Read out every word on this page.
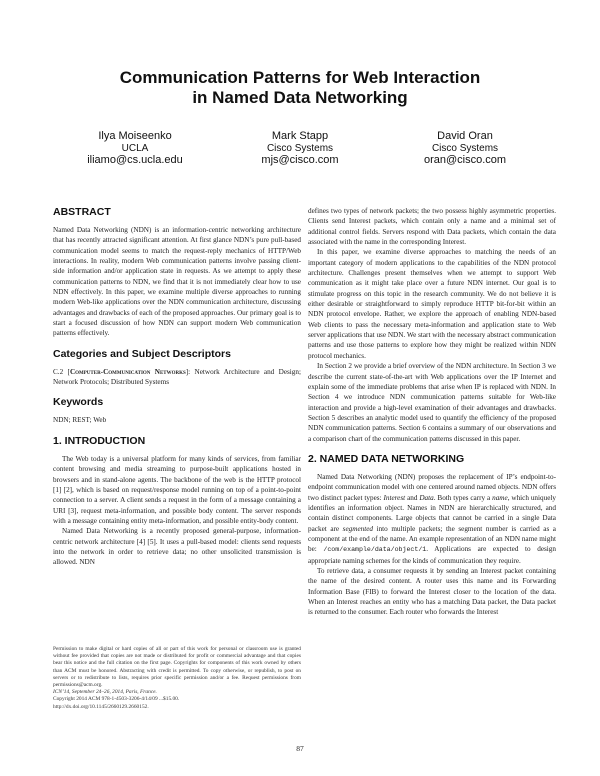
Communication Patterns for Web Interaction
in Named Data Networking
Ilya Moiseenko
UCLA
iliamo@cs.ucla.edu
Mark Stapp
Cisco Systems
mjs@cisco.com
David Oran
Cisco Systems
oran@cisco.com
ABSTRACT

Named Data Networking (NDN) is an information-centric networking architecture that has recently attracted significant attention. At first glance NDN’s pure pull-based communication model seems to match the request-reply mechanics of HTTP/Web interactions. In reality, modern Web communication patterns involve passing client-side information and/or application state in requests. As we attempt to apply these communication patterns to NDN, we find that it is not immediately clear how to use NDN effectively. In this paper, we examine multiple diverse approaches to running modern Web-like applications over the NDN communication architecture, discussing advantages and drawbacks of each of the proposed approaches. Our primary goal is to start a focused discussion of how NDN can support modern Web communication patterns effectively.

Categories and Subject Descriptors

C.2 [Computer-Communication Networks]: Network Architecture and Design; Network Protocols; Distributed Systems

Keywords

NDN; REST; Web

1. INTRODUCTION

The Web today is a universal platform for many kinds of services, from familiar content browsing and media streaming to purpose-built applications hosted in browsers and in stand-alone agents. The backbone of the web is the HTTP protocol [1] [2], which is based on request/response model running on top of a point-to-point connection to a server. A client sends a request in the form of a message containing a URI [3], request meta-information, and possible body content. The server responds with a message containing entity meta-information, and possible entity-body content.

Named Data Networking is a recently proposed general-purpose, information-centric network architecture [4] [5]. It uses a pull-based model: clients send requests into the network in order to retrieve data; no other unsolicited transmission is allowed. NDN

Permission to make digital or hard copies of all or part of this work for personal or classroom use is granted without fee provided that copies are not made or distributed for profit or commercial advantage and that copies bear this notice and the full citation on the first page. Copyrights for components of this work owned by others than ACM must be honored. Abstracting with credit is permitted. To copy otherwise, or republish, to post on servers or to redistribute to lists, requires prior specific permission and/or a fee. Request permissions from permissions@acm.org.
ICN’14, September 24–26, 2014, Paris, France.
Copyright 2014 ACM 978-1-4503-3206-4/14/09 ...$15.00.
http://dx.doi.org/10.1145/2660129.2660152.

defines two types of network packets; the two possess highly asymmetric properties. Clients send Interest packets, which contain only a name and a minimal set of additional control fields. Servers respond with Data packets, which contain the data associated with the name in the corresponding Interest.

In this paper, we examine diverse approaches to matching the needs of an important category of modern applications to the capabilities of the NDN protocol architecture. Challenges present themselves when we attempt to support Web communication as it might take place over a future NDN internet. Our goal is to stimulate progress on this topic in the research community. We do not believe it is either desirable or straightforward to simply reproduce HTTP bit-for-bit within an NDN protocol envelope. Rather, we explore the approach of enabling NDN-based Web clients to pass the necessary meta-information and application state to Web server applications that use NDN. We start with the necessary abstract communication patterns and use those patterns to explore how they might be realized within NDN protocol mechanics.

In Section 2 we provide a brief overview of the NDN architecture. In Section 3 we describe the current state-of-the-art with Web applications over the IP Internet and explain some of the immediate problems that arise when IP is replaced with NDN. In Section 4 we introduce NDN communication patterns suitable for Web-like interaction and provide a high-level examination of their advantages and drawbacks. Section 5 describes an analytic model used to quantify the efficiency of the proposed NDN communication patterns. Section 6 contains a summary of our observations and a comparison chart of the communication patterns discussed in this paper.

2. NAMED DATA NETWORKING

Named Data Networking (NDN) proposes the replacement of IP’s endpoint-to-endpoint communication model with one centered around named objects. NDN offers two distinct packet types: Interest and Data. Both types carry a name, which uniquely identifies an information object. Names in NDN are hierarchically structured, and contain distinct components. Large objects that cannot be carried in a single Data packet are segmented into multiple packets; the segment number is carried as a component at the end of the name. An example representation of an NDN name might be: /com/example/data/object/1. Applications are expected to design appropriate naming schemes for the kinds of communication they require.

To retrieve data, a consumer requests it by sending an Interest packet containing the name of the desired content. A router uses this name and its Forwarding Information Base (FIB) to forward the Interest closer to the location of the data. When an Interest reaches an entity who has a matching Data packet, the Data packet is returned to the consumer. Each router who forwards the Interest

87
